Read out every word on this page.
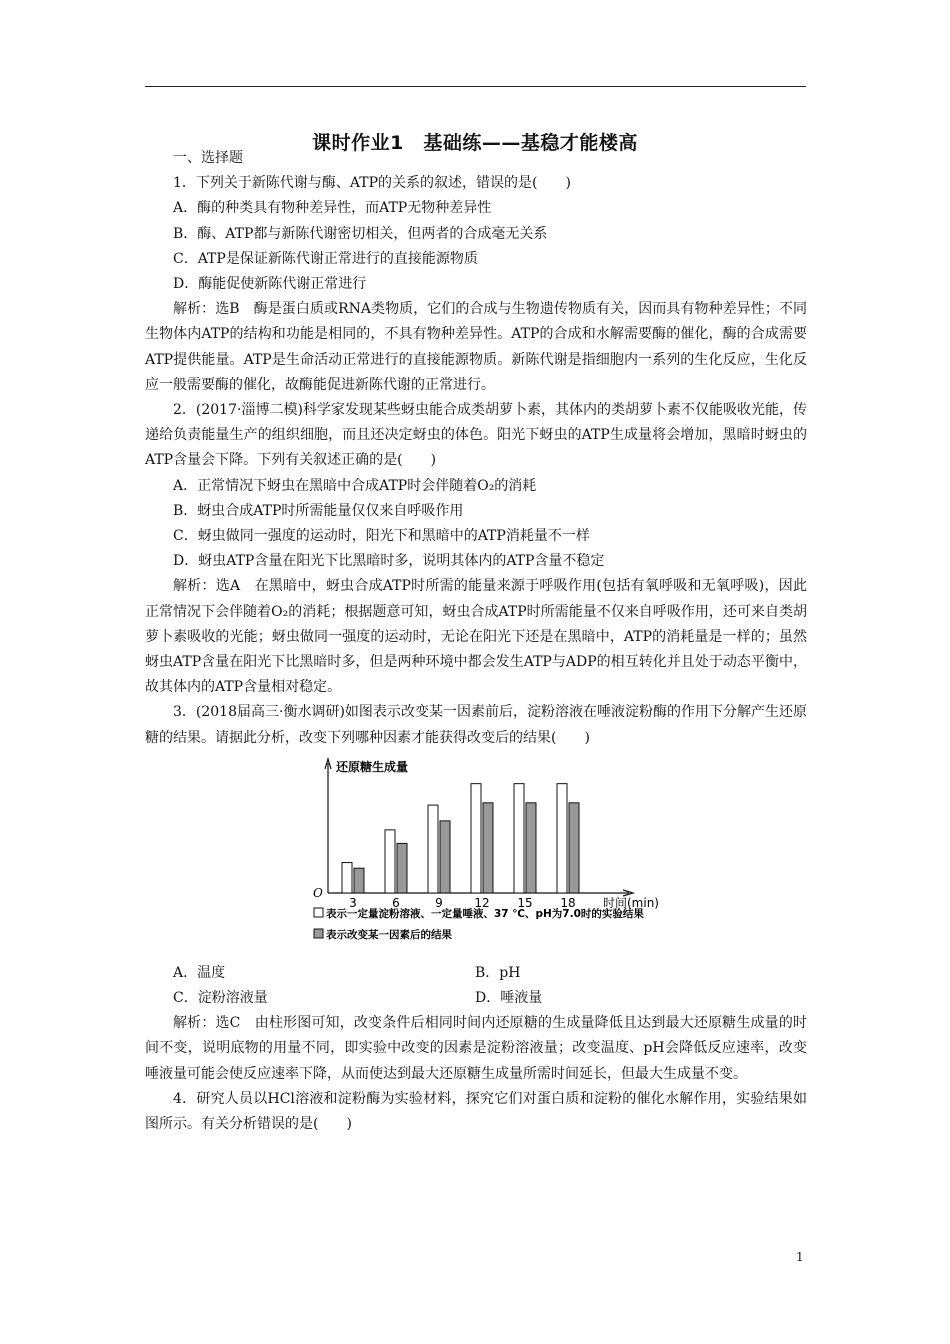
课时作业1　基础练——基稳才能楼高

一、选择题

1．下列关于新陈代谢与酶、ATP的关系的叙述，错误的是(　　)

A．酶的种类具有物种差异性，而ATP无物种差异性

B．酶、ATP都与新陈代谢密切相关，但两者的合成毫无关系

C．ATP是保证新陈代谢正常进行的直接能源物质

D．酶能促使新陈代谢正常进行

解析：选B　酶是蛋白质或RNA类物质，它们的合成与生物遗传物质有关，因而具有物种差异性；不同生物体内ATP的结构和功能是相同的，不具有物种差异性。ATP的合成和水解需要酶的催化，酶的合成需要ATP提供能量。ATP是生命活动正常进行的直接能源物质。新陈代谢是指细胞内一系列的生化反应，生化反应一般需要酶的催化，故酶能促进新陈代谢的正常进行。

2．(2017·淄博二模)科学家发现某些蚜虫能合成类胡萝卜素，其体内的类胡萝卜素不仅能吸收光能，传递给负责能量生产的组织细胞，而且还决定蚜虫的体色。阳光下蚜虫的ATP生成量将会增加，黑暗时蚜虫的ATP含量会下降。下列有关叙述正确的是(　　)

A．正常情况下蚜虫在黑暗中合成ATP时会伴随着O₂的消耗

B．蚜虫合成ATP时所需能量仅仅来自呼吸作用

C．蚜虫做同一强度的运动时，阳光下和黑暗中的ATP消耗量不一样

D．蚜虫ATP含量在阳光下比黑暗时多，说明其体内的ATP含量不稳定

解析：选A　在黑暗中，蚜虫合成ATP时所需的能量来源于呼吸作用(包括有氧呼吸和无氧呼吸)，因此正常情况下会伴随着O₂的消耗；根据题意可知，蚜虫合成ATP时所需能量不仅来自呼吸作用，还可来自类胡萝卜素吸收的光能；蚜虫做同一强度的运动时，无论在阳光下还是在黑暗中，ATP的消耗量是一样的；虽然蚜虫ATP含量在阳光下比黑暗时多，但是两种环境中都会发生ATP与ADP的相互转化并且处于动态平衡中，故其体内的ATP含量相对稳定。

3．(2018届高三·衡水调研)如图表示改变某一因素前后，淀粉溶液在唾液淀粉酶的作用下分解产生还原糖的结果。请据此分析，改变下列哪种因素才能获得改变后的结果(　　)

还原糖生成量
O
时间(min)
3	6	9	12 15 18
表示一定量淀粉溶液、一定量唾液、37 ℃、pH为7.0时的实验结果
表示改变某一因素后的结果
A．温度	B．pH
C．淀粉溶液量	D．唾液量

解析：选C　由柱形图可知，改变条件后相同时间内还原糖的生成量降低且达到最大还原糖生成量的时间不变，说明底物的用量不同，即实验中改变的因素是淀粉溶液量；改变温度、pH会降低反应速率，改变唾液量可能会使反应速率下降，从而使达到最大还原糖生成量所需时间延长，但最大生成量不变。

4．研究人员以HCl溶液和淀粉酶为实验材料，探究它们对蛋白质和淀粉的催化水解作用，实验结果如图所示。有关分析错误的是(　　)

1
